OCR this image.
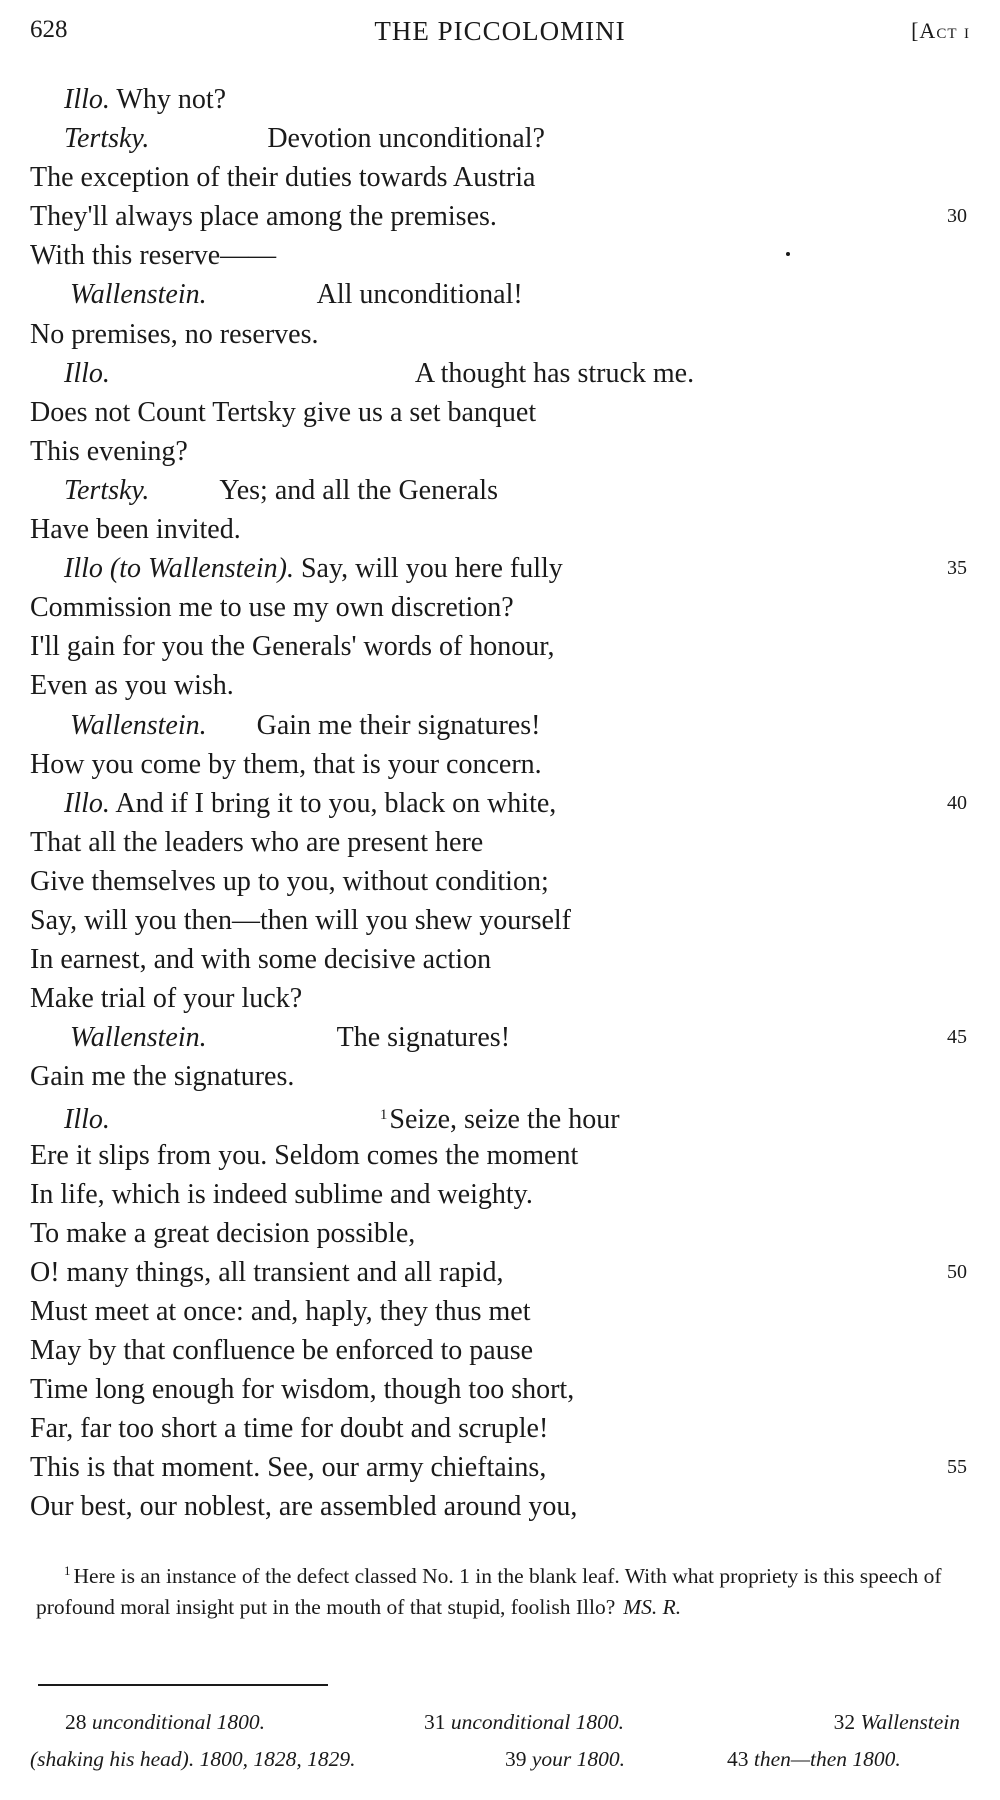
628	THE PICCOLOMINI	[Act i
Illo. Why not?
Tertsky.	Devotion unconditional?
The exception of their duties towards Austria
They'll always place among the premises.	30
With this reserve——
Wallenstein.	All unconditional!
No premises, no reserves.
Illo.	A thought has struck me.
Does not Count Tertsky give us a set banquet
This evening?
Tertsky.	Yes; and all the Generals
Have been invited.
Illo (to Wallenstein). Say, will you here fully	35
Commission me to use my own discretion?
I'll gain for you the Generals' words of honour,
Even as you wish.
Wallenstein. Gain me their signatures!
How you come by them, that is your concern.
Illo. And if I bring it to you, black on white,	40
That all the leaders who are present here
Give themselves up to you, without condition;
Say, will you then—then will you shew yourself
In earnest, and with some decisive action
Make trial of your luck?
Wallenstein.	The signatures!	45
Gain me the signatures.
Illo.	$^1$Seize, seize the hour
Ere it slips from you. Seldom comes the moment
In life, which is indeed sublime and weighty.
To make a great decision possible,
O! many things, all transient and all rapid,	50
Must meet at once: and, haply, they thus met
May by that confluence be enforced to pause
Time long enough for wisdom, though too short,
Far, far too short a time for doubt and scruple!
This is that moment. See, our army chieftains,	55
Our best, our noblest, are assembled around you,
$^1$ Here is an instance of the defect classed No. 1 in the blank leaf. With what propriety is this speech of profound moral insight put in the mouth of that stupid, foolish Illo? MS. R.
28 unconditional 1800.	31 unconditional 1800.	32 Wallenstein
(shaking his head). 1800, 1828, 1829.	39 your 1800.	43 then—then 1800.
